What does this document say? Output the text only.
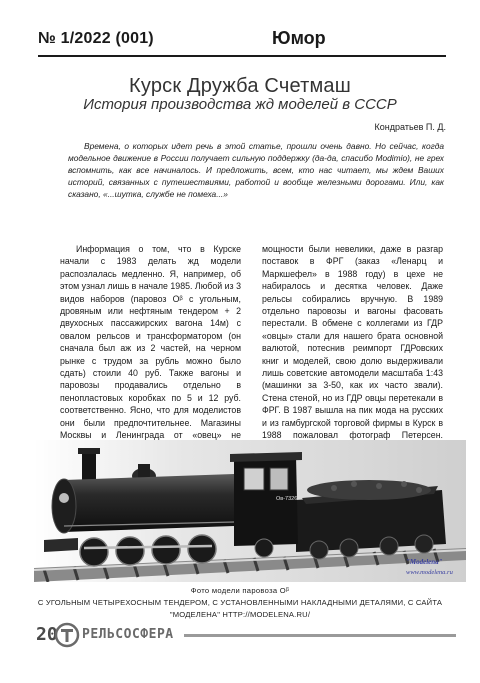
№ 1/2022 (001)	Юмор
Курск Дружба Счетмаш
История производства жд моделей в СССР
Кондратьев П. Д.

Времена, о которых идет речь в этой статье, прошли очень давно. Но сейчас, когда модельное движение в России получает сильную поддержку (да-да, спасибо Modimio), не грех вспомнить, как все начиналось. И предложить, всем, кто нас читает, мы ждем Ваших историй, связанных с путешествиями, работой и вообще железными дорогами. Или, как сказано, «...шутка, службе не помеха...»

Информация о том, что в Курске начали с 1983 делать жд модели распозлалась медленно. Я, например, об этом узнал лишь в начале 1985. Любой из 3 видов наборов (паровоз Оᵝ с угольным, дровяным или нефтяным тендером + 2 двухосных пассажирских вагона 14м) с овалом рельсов и трансформатором (он сначала был аж из 2 частей, на черном рынке с трудом за рубль можно было сдать) стоили 40 руб. Также вагоны и паровозы продавались отдельно в пенопластовых коробках по 5 и 12 руб. соответственно. Ясно, что для моделистов они были предпочтительнее. Магазины Москвы и Ленинграда от «овец» не

мощности были невелики, даже в разгар поставок в ФРГ (заказ «Ленарц и Маркшефел» в 1988 году) в цехе не набиралось и десятка человек. Даже рельсы собирались вручную. В 1989 отдельно паровозы и вагоны фасовать перестали. В обмене с коллегами из ГДР «овцы» стали для нашего брата основной валютой, потеснив реимпорт ГДРовских книг и моделей, свою долю выдерживали лишь советские автомодели масштаба 1:43 (машинки за 3-50, как их часто звали). Стена стеной, но из ГДР овцы перетекали в ФРГ. В 1987 вышла на пик мода на русских и из гамбургской торговой фирмы в Курск в 1988 пожаловал фотограф Петерсен.

Ов-7326
"Modelena"
www.modelena.ru
Фото модели паровоза Оᵝ
С УГОЛЬНЫМ ЧЕТЫРЕХОСНЫМ ТЕНДЕРОМ, С УСТАНОВЛЕННЫМИ НАКЛАДНЫМИ ДЕТАЛЯМИ, С САЙТА
"МОДЕЛЕНА" HTTP://MODELENA.RU/
20 РЕЛЬСОСФЕРА
